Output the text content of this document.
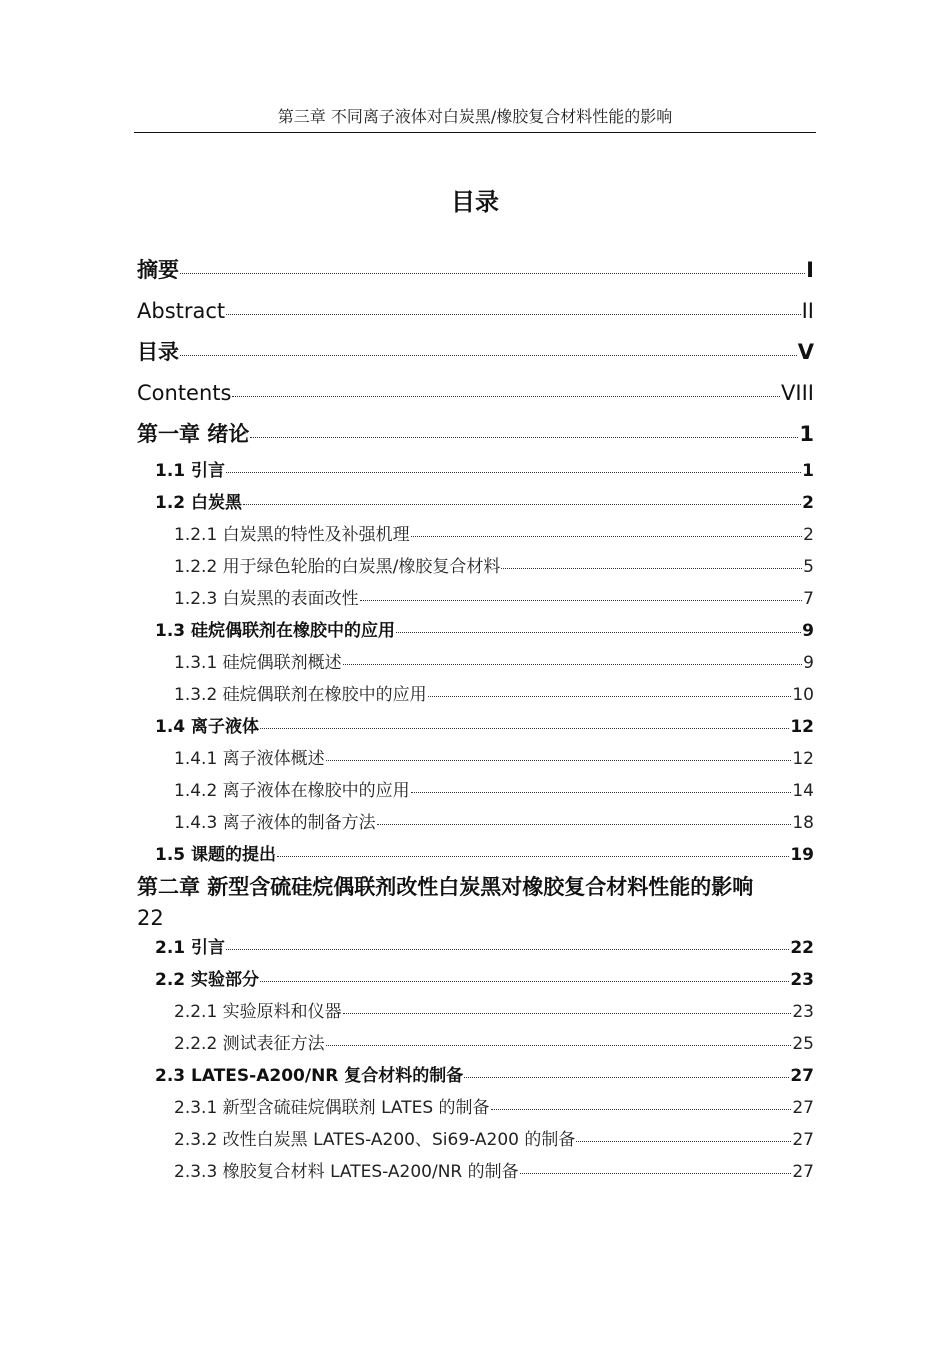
第三章 不同离子液体对白炭黑/橡胶复合材料性能的影响
目录
摘要	I
Abstract	II
目录	V
Contents	VIII
第一章 绪论	1
1.1 引言	1
1.2 白炭黑	2
1.2.1 白炭黑的特性及补强机理	2
1.2.2 用于绿色轮胎的白炭黑/橡胶复合材料	5
1.2.3 白炭黑的表面改性	7
1.3 硅烷偶联剂在橡胶中的应用	9
1.3.1 硅烷偶联剂概述	9
1.3.2 硅烷偶联剂在橡胶中的应用	10
1.4 离子液体	12
1.4.1 离子液体概述	12
1.4.2 离子液体在橡胶中的应用	14
1.4.3 离子液体的制备方法	18
1.5 课题的提出	19
第二章 新型含硫硅烷偶联剂改性白炭黑对橡胶复合材料性能的影响
22
2.1 引言	22
2.2 实验部分	23
2.2.1 实验原料和仪器	23
2.2.2 测试表征方法	25
2.3 LATES-A200/NR 复合材料的制备	27
2.3.1 新型含硫硅烷偶联剂 LATES 的制备	27
2.3.2 改性白炭黑 LATES-A200、Si69-A200 的制备	27
2.3.3 橡胶复合材料 LATES-A200/NR 的制备	27
